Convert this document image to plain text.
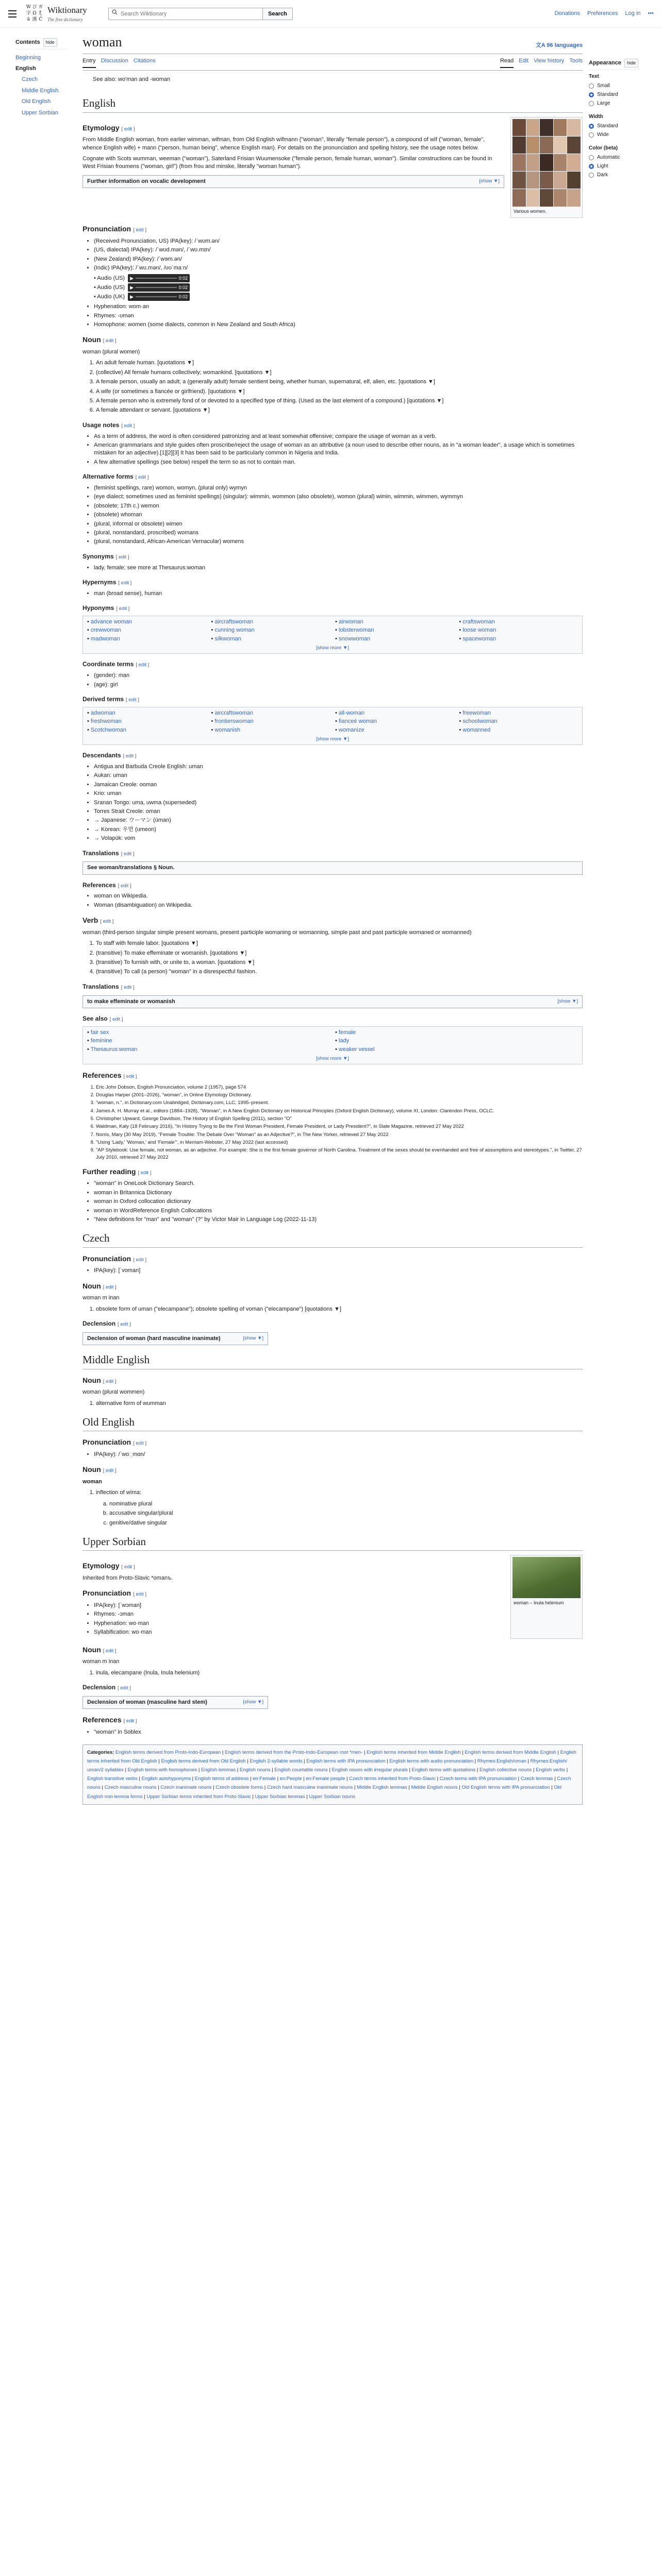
W ぴ ガ
字 Ω ξ
ä 漢 Ĉ
Wiktionary
The free dictionary
Search Wiktionary
Search	Donations Preferences Log in •••
Contents	hide
Beginning
English
Czech
Middle English
Old English
Upper Sorbian
woman	文A 96 languages
Entry Discussion Citations	Read Edit View history Tools
See also: wo'man and -woman
English
Etymology [ edit ]

From Middle English woman, from earlier wimman, wifman, from Old English wīfmann ("woman", literally "female person"), a compound of wīf ("woman, female", whence English wife) + mann ("person, human being", whence English man). For details on the pronunciation and spelling history, see the usage notes below.

Cognate with Scots wumman, weeman ("woman"), Saterland Frisian Wuumensoke ("female person, female human, woman"). Similar constructions can be found in West Frisian froumens ("woman, girl") (from frou and minske, literally "woman human").

Further information on vocalic development	[show ▼]
Various women.
Pronunciation [ edit ]
• (Received Pronunciation, US) IPA(key): /ˈwʊm.ən/
• (US, dialectal) IPA(key): /ˈwʊd.mən/, /ˈwʊ.mɪn/
• (New Zealand) IPA(key): /ˈwɘm.ən/
• (Indic) IPA(key): /ˈwʊ.mən/, /ʋʊˈmaːn/
• Audio (US) ▶	0:02
• Audio (US) ▶	0:02
• Audio (UK) ▶	0:02
• Hyphenation: wom·an
• Rhymes: -ʊmən
• Homophone: women (some dialects, common in New Zealand and South Africa)
Noun [ edit ]
woman (plural women)
1. An adult female human. [quotations ▼]
2. (collective) All female humans collectively; womankind. [quotations ▼]
3. A female person, usually an adult; a (generally adult) female sentient being, whether human, supernatural, elf, alien, etc. [quotations ▼]
4. A wife (or sometimes a fiancée or girlfriend). [quotations ▼]
5. A female person who is extremely fond of or devoted to a specified type of thing. (Used as the last element of a compound.) [quotations ▼]
6. A female attendant or servant. [quotations ▼]
Usage notes [ edit ]
• As a term of address, the word is often considered patronizing and at least somewhat offensive; compare the usage of woman as a verb.
• American grammarians and style guides often proscribe/reject the usage of woman as an attributive (a noun used to describe other nouns, as in "a woman leader", a usage which is sometimes mistaken for an adjective).[1][2][3] It has been said to be particularly common in Nigeria and India.
• A few alternative spellings (see below) respell the term so as not to contain man.
Alternative forms [ edit ]
• (feminist spellings, rare) womon, womyn, (plural only) wymyn
• (eye dialect; sometimes used as feminist spellings) (singular): wimmin, wommon (also obsolete), womon (plural) wimin, wimmin, wimmen, wymmyn
• (obsolete; 17th c.) wemon
• (obsolete) whoman
• (plural, informal or obsolete) wimen
• (plural, nonstandard, proscribed) womans
• (plural, nonstandard, African-American Vernacular) womens
Synonyms [ edit ]
• lady, female; see more at Thesaurus:woman
Hypernyms [ edit ]
• man (broad sense), human
Hyponyms [ edit ]
• advance woman	• aircraftswoman	• airwoman	• craftswoman
• crewwoman	• cunning woman	• lobsterwoman	• loose woman
• madwoman	• silkwoman	• snowwoman	• spacewoman
[show more ▼]
Coordinate terms [ edit ]
• (gender): man
• (age): girl
Derived terms [ edit ]
• adwoman	• aircraftswoman	• all-woman	• freewoman
• freshwoman	• frontierswoman	• fianceé woman	• schoolwoman
• Scotchwoman	• womanish	• womanize	• womanned
[show more ▼]
Descendants [ edit ]
• Antigua and Barbuda Creole English: uman
• Aukan: uman
• Jamaican Creole: ooman
• Krio: uman
• Sranan Tongo: uma, uwma (superseded)
• Torres Strait Creole: oman
• → Japanese: ウーマン (ūman)
• → Korean: 우먼 (umeon)
• → Volapük: vom
Translations [ edit ]
See woman/translations § Noun.
References [ edit ]
• woman on Wikipedia.
• Woman (disambiguation) on Wikipedia.
Verb [ edit ]
woman (third-person singular simple present womans, present participle womaning or womanning, simple past and past participle womaned or womanned)
1. To staff with female labor. [quotations ▼]
2. (transitive) To make effeminate or womanish. [quotations ▼]
3. (transitive) To furnish with, or unite to, a woman. [quotations ▼]
4. (transitive) To call (a person) "woman" in a disrespectful fashion.
Translations [ edit ]
to make effeminate or womanish	[show ▼]
See also [ edit ]
• fair sex	• female
• feminine	• lady
• Thesaurus:woman	• weaker vessel
[show more ▼]
References [ edit ]
1. Eric John Dobson, English Pronunciation, volume 2 (1957), page 574
2. Douglas Harper (2001–2026), "woman", in Online Etymology Dictionary.
3. "woman, n.", in Dictionary.com Unabridged, Dictionary.com, LLC, 1995–present.
4. James A. H. Murray et al., editors (1884–1928), "Woman", in A New English Dictionary on Historical Principles (Oxford English Dictionary), volume XI, London: Clarendon Press, OCLC.
5. Christopher Upward, George Davidson, The History of English Spelling (2011), section "O"
6. Waldman, Katy (18 February 2016), "In History Trying to Be the First Woman President, Female President, or Lady President?", in Slate Magazine, retrieved 27 May 2022
7. Norris, Mary (30 May 2019), "Female Trouble: The Debate Over "Woman" as an Adjective?", in The New Yorker, retrieved 27 May 2022
8. "Using 'Lady,' 'Woman,' and 'Female'", in Merriam-Webster, 27 May 2022 (last accessed)
9. "AP Stylebook: Use female, not woman, as an adjective. For example: She is the first female governor of North Carolina. Treatment of the sexes should be evenhanded and free of assumptions and stereotypes.", in Twitter, 27 July 2010, retrieved 27 May 2022
Further reading [ edit ]
• "woman" in OneLook Dictionary Search.
• woman in Britannica Dictionary
• woman in Oxford collocation dictionary
• woman in WordReference English Collocations
• "New definitions for "man" and "woman" (?" by Victor Mair in Language Log (2022-11-13)
Czech
Pronunciation [ edit ]
• IPA(key): [ˈvoman]
Noun [ edit ]
woman m inan
1. obsolete form of uman ("elecampane"); obsolete spelling of voman ("elecampane") [quotations ▼]
Declension [ edit ]
Declension of woman (hard masculine inanimate)	[show ▼]
Middle English
Noun [ edit ]
woman (plural wommen)
1. alternative form of wumman
Old English
Pronunciation [ edit ]
• IPA(key): /ˈwoːˌmɑn/
Noun [ edit ]
woman
1. inflection of wīma:
a. nominative plural
b. accusative singular/plural
c. genitive/dative singular
Upper Sorbian
Etymology [ edit ]

Inherited from Proto-Slavic *omanъ.

Pronunciation [ edit ]
• IPA(key): [ˈwɔman]
• Rhymes: -ɔman
• Hyphenation: wo·man
• Syllabification: wo·man
woman – Inula helenium
Noun [ edit ]
woman m inan
1. inula, elecampane (Inula, Inula helenium)
Declension [ edit ]
Declension of woman (masculine hard stem)	[show ▼]
References [ edit ]
• "woman" in Soblex
Categories: English terms derived from Proto-Indo-European | English terms derived from the Proto-Indo-European root *men- | English terms inherited from Middle English | English terms derived from Middle English | English terms inherited from Old English | English terms derived from Old English | English 2-syllable words | English terms with IPA pronunciation | English terms with audio pronunciation | Rhymes:English/ʊmən | Rhymes:English/ʊmən/2 syllables | English terms with homophones | English lemmas | English nouns | English countable nouns | English nouns with irregular plurals | English terms with quotations | English collective nouns | English verbs | English transitive verbs | English autohyponyms | English terms of address | en:Female | en:People | en:Female people | Czech terms inherited from Proto-Slavic | Czech terms with IPA pronunciation | Czech lemmas | Czech nouns | Czech masculine nouns | Czech inanimate nouns | Czech obsolete forms | Czech hard masculine inanimate nouns | Middle English lemmas | Middle English nouns | Old English terms with IPA pronunciation | Old English non-lemma forms | Upper Sorbian terms inherited from Proto-Slavic | Upper Sorbian lemmas | Upper Sorbian nouns
Appearance	hide
Text
Small
Standard
Large
Width
Standard
Wide
Color (beta)
Automatic
Light
Dark
